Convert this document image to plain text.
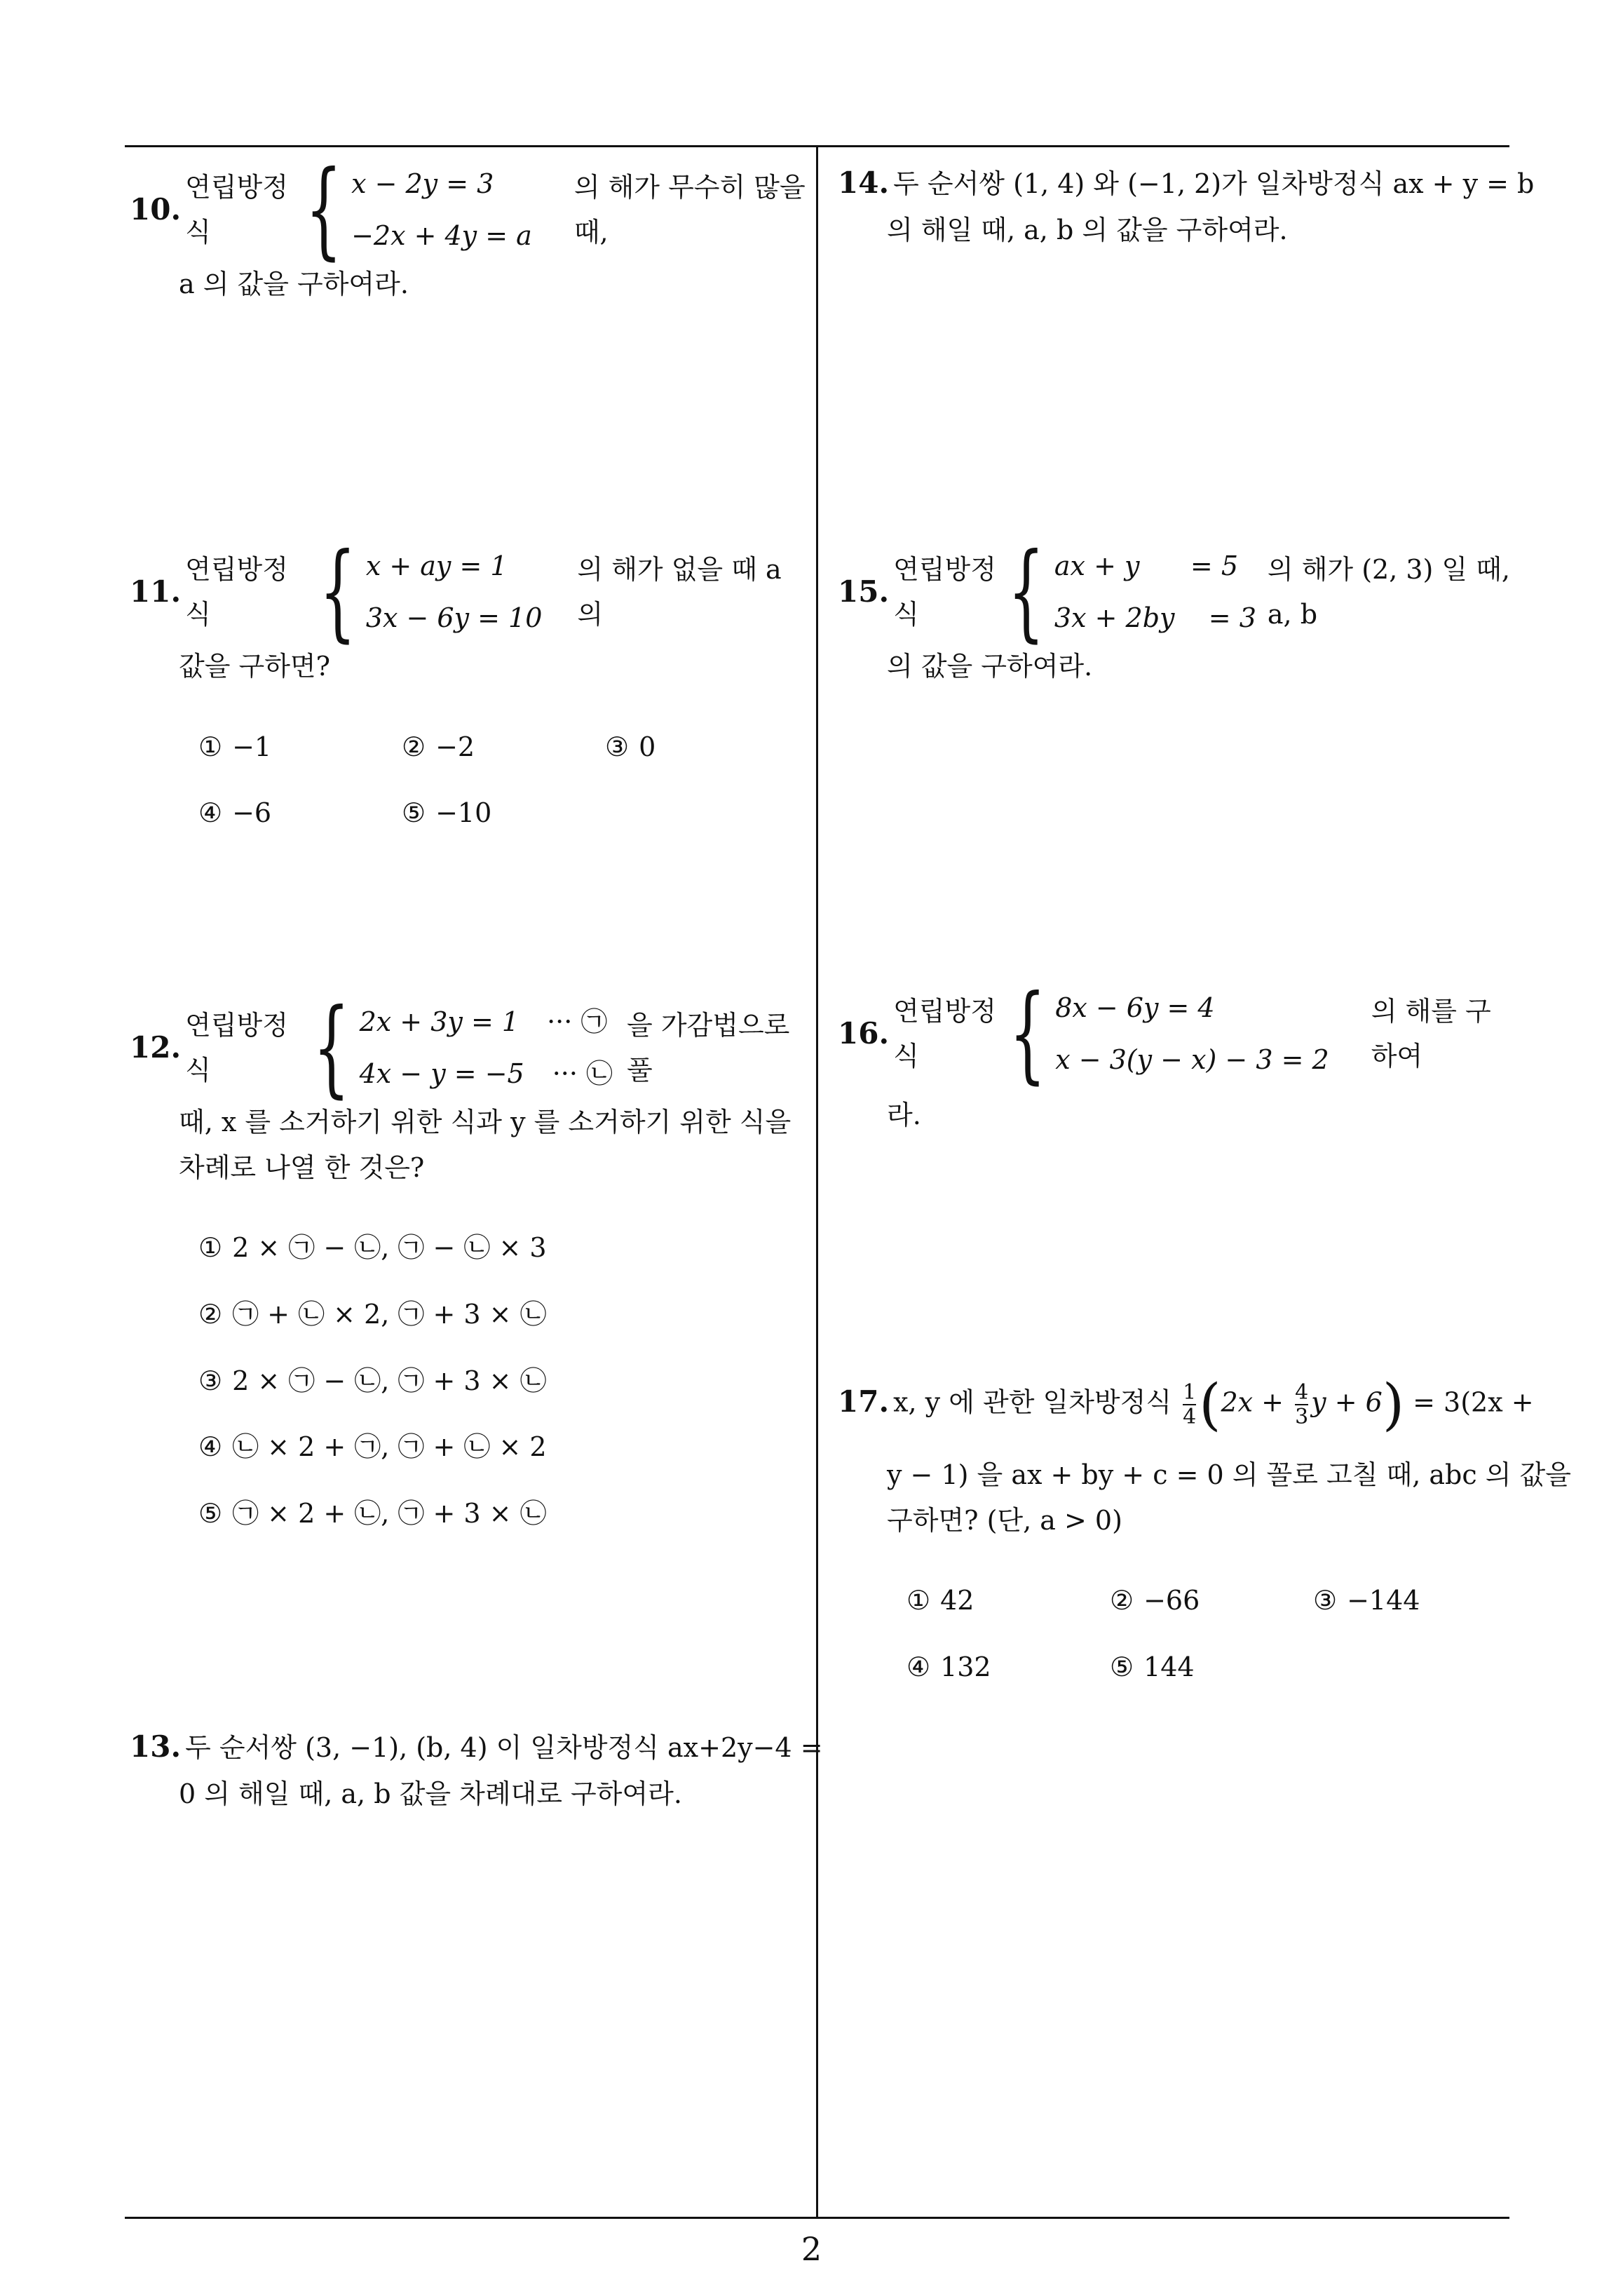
10.
연립방정식 { x − 2y = 3
−2x + 4y = a
의 해가 무수히 많을 때,
a 의 값을 구하여라.
11.
연립방정식	{ x + ay = 1
3x − 6y = 10
의 해가 없을 때 a 의
값을 구하면?
① −1	② −2	③ 0
④ −6	⑤ −10
12.
연립방정식 { 2x + 3y = 1 ··· ㉠
4x − y = −5 ··· ㉡
을 가감법으로 풀
때, x 를 소거하기 위한 식과 y 를 소거하기 위한 식을
차례로 나열 한 것은?
① 2 × ㉠ − ㉡, ㉠ − ㉡ × 3
② ㉠ + ㉡ × 2, ㉠ + 3 × ㉡
③ 2 × ㉠ − ㉡, ㉠ + 3 × ㉡
④ ㉡ × 2 + ㉠, ㉠ + ㉡ × 2
⑤ ㉠ × 2 + ㉡, ㉠ + 3 × ㉡
13. 두 순서쌍 (3, −1), (b, 4) 이 일차방정식 ax+2y−4 =
0 의 해일 때, a, b 값을 차례대로 구하여라.
14. 두 순서쌍 (1, 4) 와 (−1, 2)가 일차방정식 ax + y = b
의 해일 때, a, b 의 값을 구하여라.
15.
연립방정식 { ax + y      = 5
3x + 2by    = 3
의 해가 (2, 3) 일 때, a, b
의 값을 구하여라.
16.
연립방정식 { 8x − 6y = 4
x − 3(y − x) − 3 = 2
의 해를 구하여
라.
17. x, y 에 관한 일차방정식 $\frac{1}{4} (2x + \frac{4}{3}$ y + 6) = 3(2x +
y − 1) 을 ax + by + c = 0 의 꼴로 고칠 때, abc 의 값을
구하면? (단, a > 0)
① 42	② −66	③ −144
④ 132	⑤ 144
2
